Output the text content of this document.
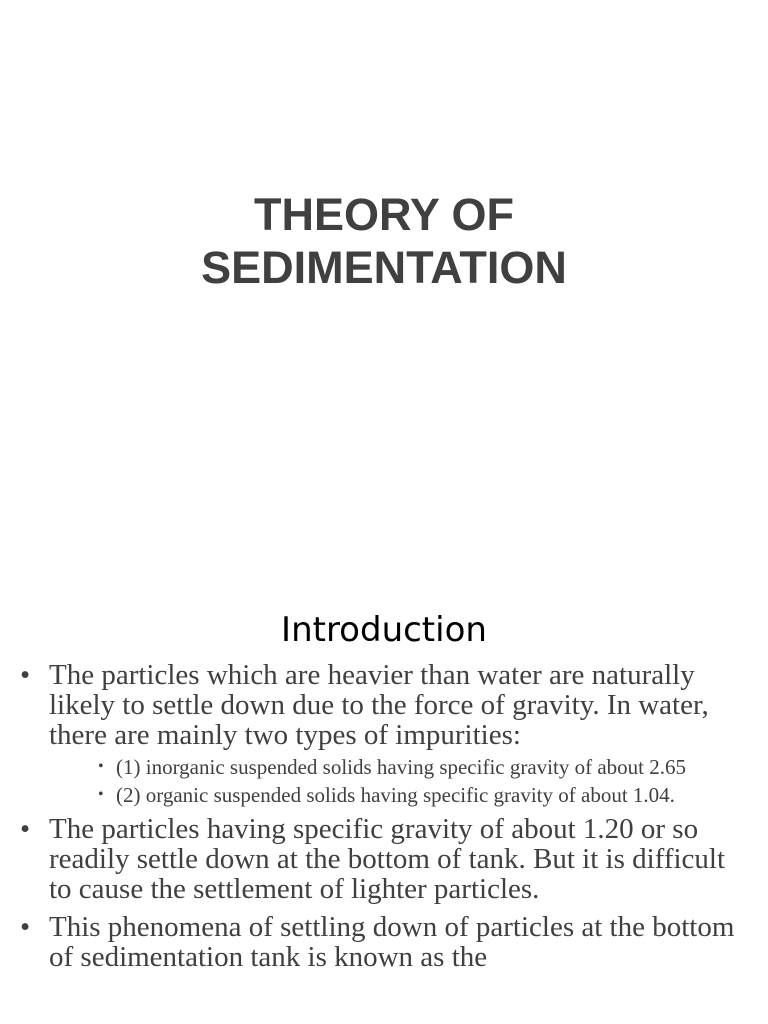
THEORY OF
SEDIMENTATION
Introduction
• The particles which are heavier than water are naturally likely to settle down due to the force of gravity. In water, there are mainly two types of impurities:
• (1) inorganic suspended solids having specific gravity of about 2.65
• (2) organic suspended solids having specific gravity of about 1.04.
• The particles having specific gravity of about 1.20 or so readily settle down at the bottom of tank. But it is difficult to cause the settlement of lighter particles.
• This phenomena of settling down of particles at the bottom of sedimentation tank is known as the
